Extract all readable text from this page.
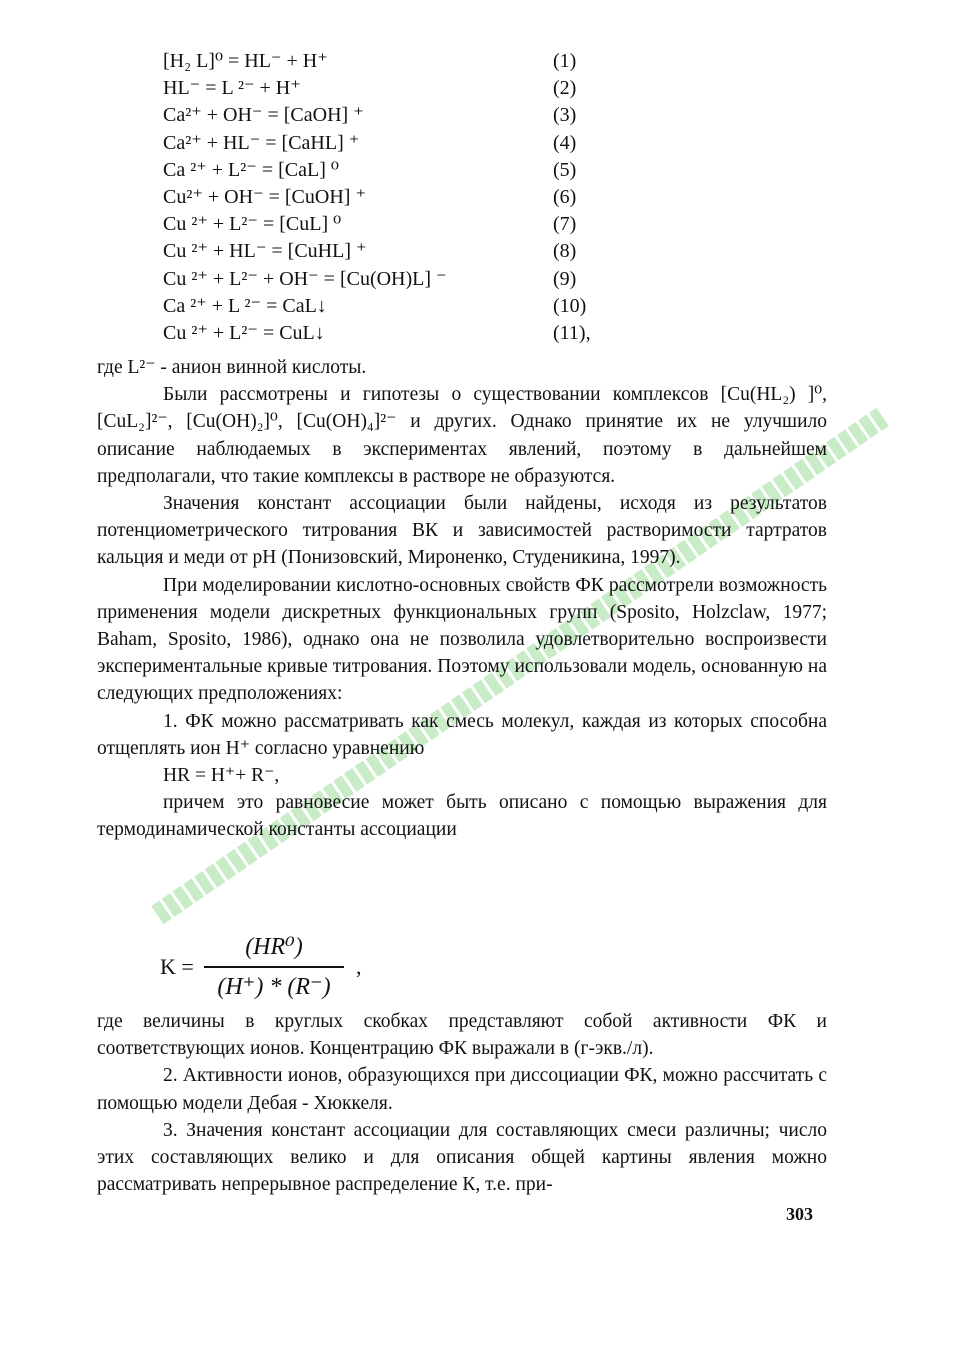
[H₂ L]⁰ = HL⁻ + H⁺	(1)
HL⁻ = L ²⁻ + H⁺	(2)
Ca²⁺ + OH⁻ = [CaOH] ⁺	(3)
Ca²⁺ + HL⁻ = [CaHL] ⁺	(4)
Ca ²⁺ + L²⁻ = [CaL] ⁰	(5)
Cu²⁺ + OH⁻ = [CuOH] ⁺	(6)
Cu ²⁺ + L²⁻ = [CuL] ⁰	(7)
Cu ²⁺ + HL⁻ = [CuHL] ⁺	(8)
Cu ²⁺ + L²⁻ + OH⁻ = [Cu(OH)L] ⁻	(9)
Ca ²⁺ + L ²⁻ = CaL↓	(10)
Cu ²⁺ + L²⁻ = CuL↓	(11),

где L²⁻ - анион винной кислоты.

Были рассмотрены и гипотезы о существовании комплексов [Cu(HL₂) ]⁰, [CuL₂]²⁻, [Cu(OH)₂]⁰, [Cu(OH)₄]²⁻ и других. Однако принятие их не улучшило описание наблюдаемых в экспериментах явлений, поэтому в дальнейшем предполагали, что такие комплексы в растворе не образуются.

Значения констант ассоциации были найдены, исходя из результатов потенциометрического титрования ВК и зависимостей растворимости тартратов кальция и меди от рН (Понизовский, Мироненко, Студеникина, 1997).

При моделировании кислотно-основных свойств ФК рассмотрели возможность применения модели дискретных функциональных групп (Sposito, Holzclaw, 1977; Baham, Sposito, 1986), однако она не позволила удовлетворительно воспроизвести экспериментальные кривые титрования. Поэтому использовали модель, основанную на следующих предположениях:

1. ФК можно рассматривать как смесь молекул, каждая из которых способна отщеплять ион H⁺ согласно уравнению

HR = H⁺+ R⁻,

причем это равновесие может быть описано с помощью выражения для термодинамической константы ассоциации

K =
(HR⁰)
(H⁺) * (R⁻)
,

где величины в круглых скобках представляют собой активности ФК и соответствующих ионов. Концентрацию ФК выражали в (г-экв./л).

2. Активности ионов, образующихся при диссоциации ФК, можно рассчитать с помощью модели Дебая - Хюккеля.

3. Значения констант ассоциации для составляющих смеси различны; число этих составляющих велико и для описания общей картины явления можно рассматривать непрерывное распределение К, т.е. при-

303
